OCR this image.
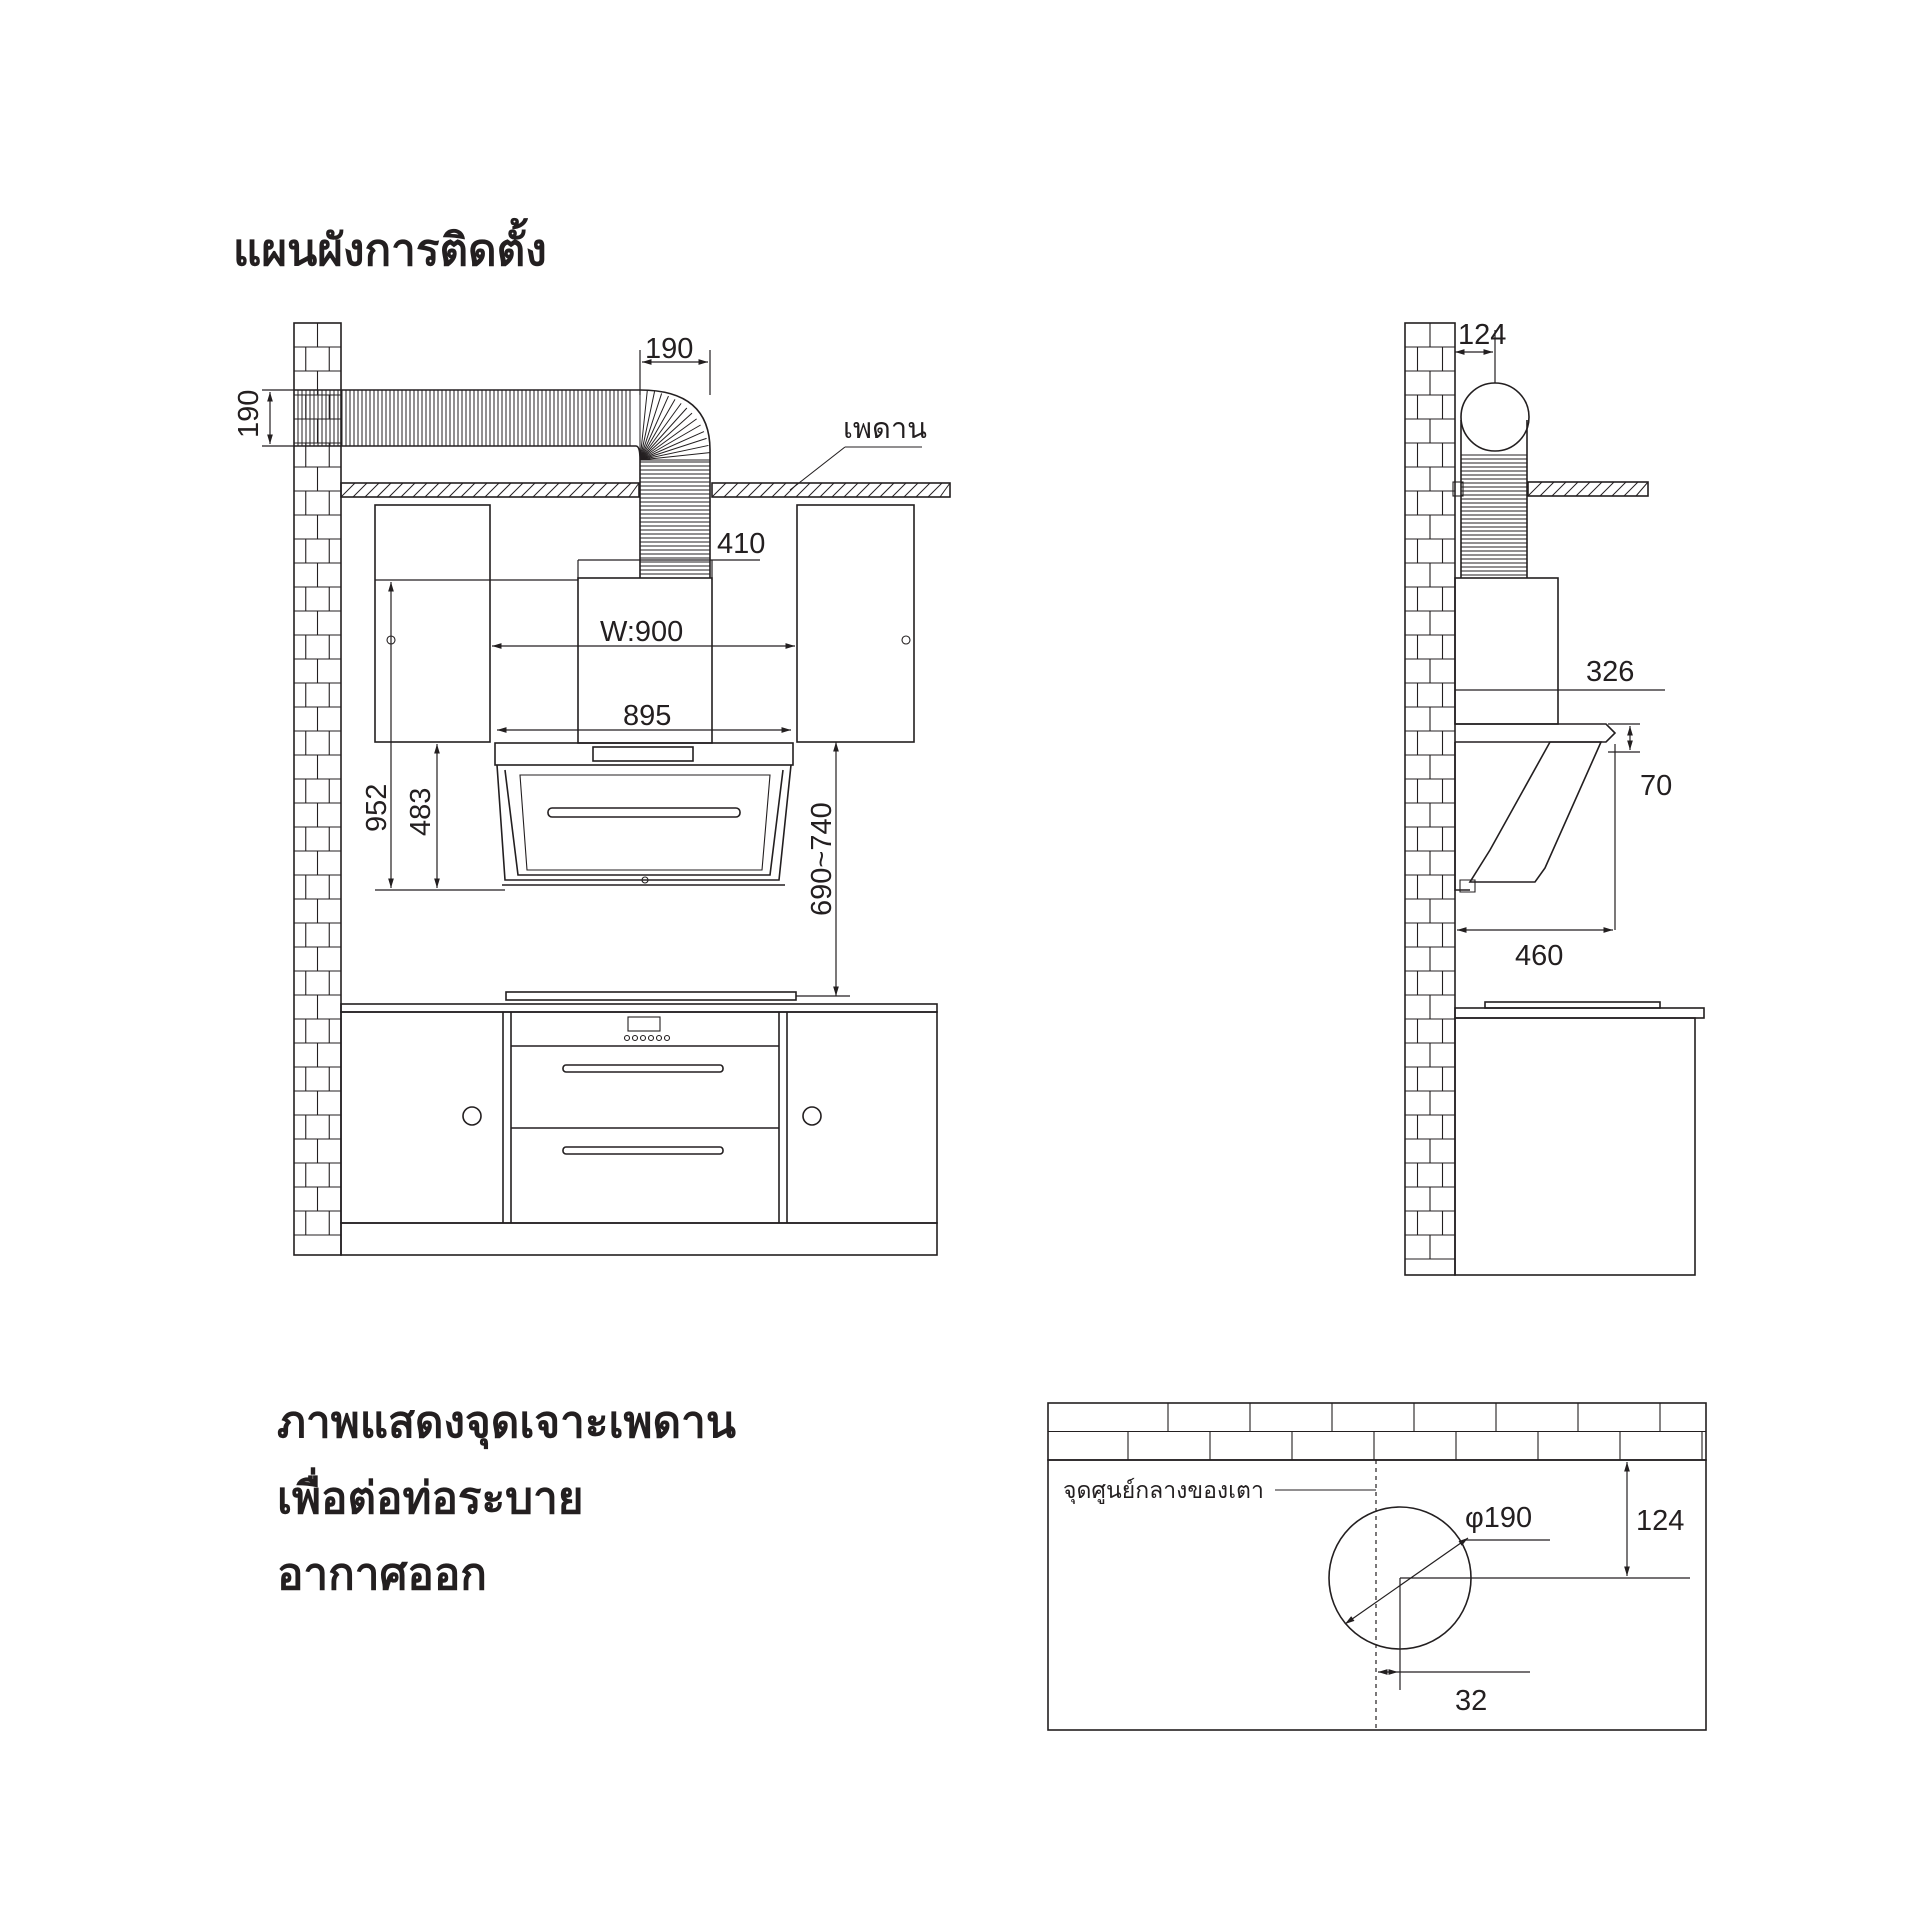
แผนผังการติดตั้ง
เพดาน
190
190
410
W:900
895
952 483	690~740
124
326
70
460
ภาพแสดงจุดเจาะเพดาน
เพื่อต่อท่อระบาย
อากาศออก
จุดศูนย์กลางของเตา
φ190	124
32
